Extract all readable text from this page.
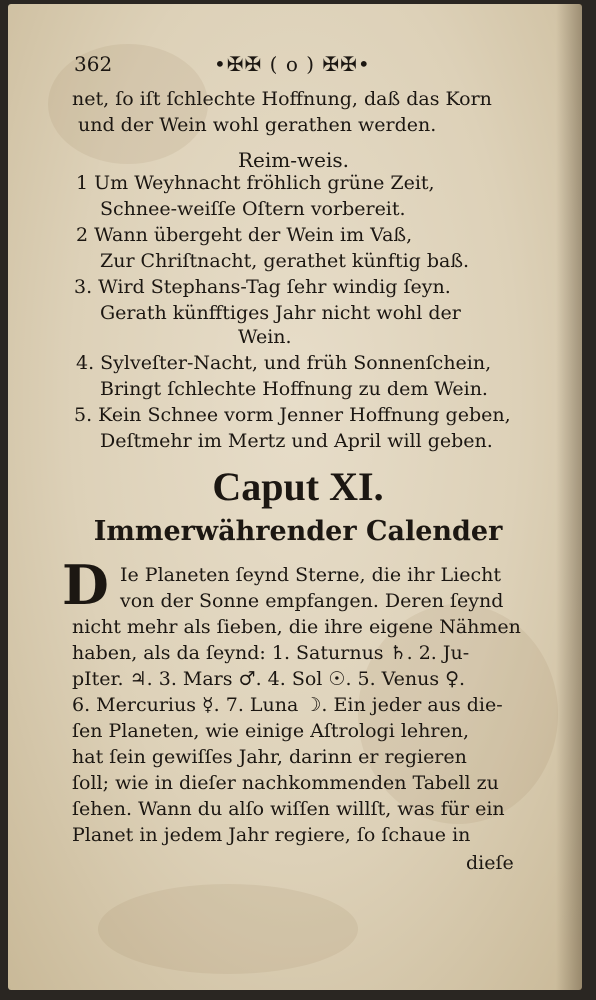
362	•✠✠ ( o ) ✠✠•
net, ſo iſt ſchlechte Hoffnung, daß das Korn
und der Wein wohl gerathen werden.
Reim-weis.
1 Um Weyhnacht fröhlich grüne Zeit,
Schnee-weiſſe Oſtern vorbereit.
2 Wann übergeht der Wein im Vaß,
Zur Chriſtnacht, gerathet künftig baß.
3. Wird Stephans-Tag ſehr windig ſeyn.
Gerath künfftiges Jahr nicht wohl der
Wein.
4. Sylveſter-Nacht, und früh Sonnenſchein,
Bringt ſchlechte Hoffnung zu dem Wein.
5. Kein Schnee vorm Jenner Hoffnung geben,
Deſtmehr im Mertz und April will geben.
Caput XI.
Immerwährender Calender
D Ie Planeten ſeynd Sterne, die ihr Liecht
von der Sonne empfangen. Deren ſeynd
nicht mehr als ſieben, die ihre eigene Nähmen
haben, als da ſeynd: 1. Saturnus ♄. 2. Ju-
pIter. ♃. 3. Mars ♂. 4. Sol ☉. 5. Venus ♀.
6. Mercurius ☿. 7. Luna ☽. Ein jeder aus die-
ſen Planeten, wie einige Aſtrologi lehren,
hat ſein gewiſſes Jahr, darinn er regieren
ſoll; wie in dieſer nachkommenden Tabell zu
ſehen. Wann du alſo wiſſen willſt, was für ein
Planet in jedem Jahr regiere, ſo ſchaue in
dieſe
